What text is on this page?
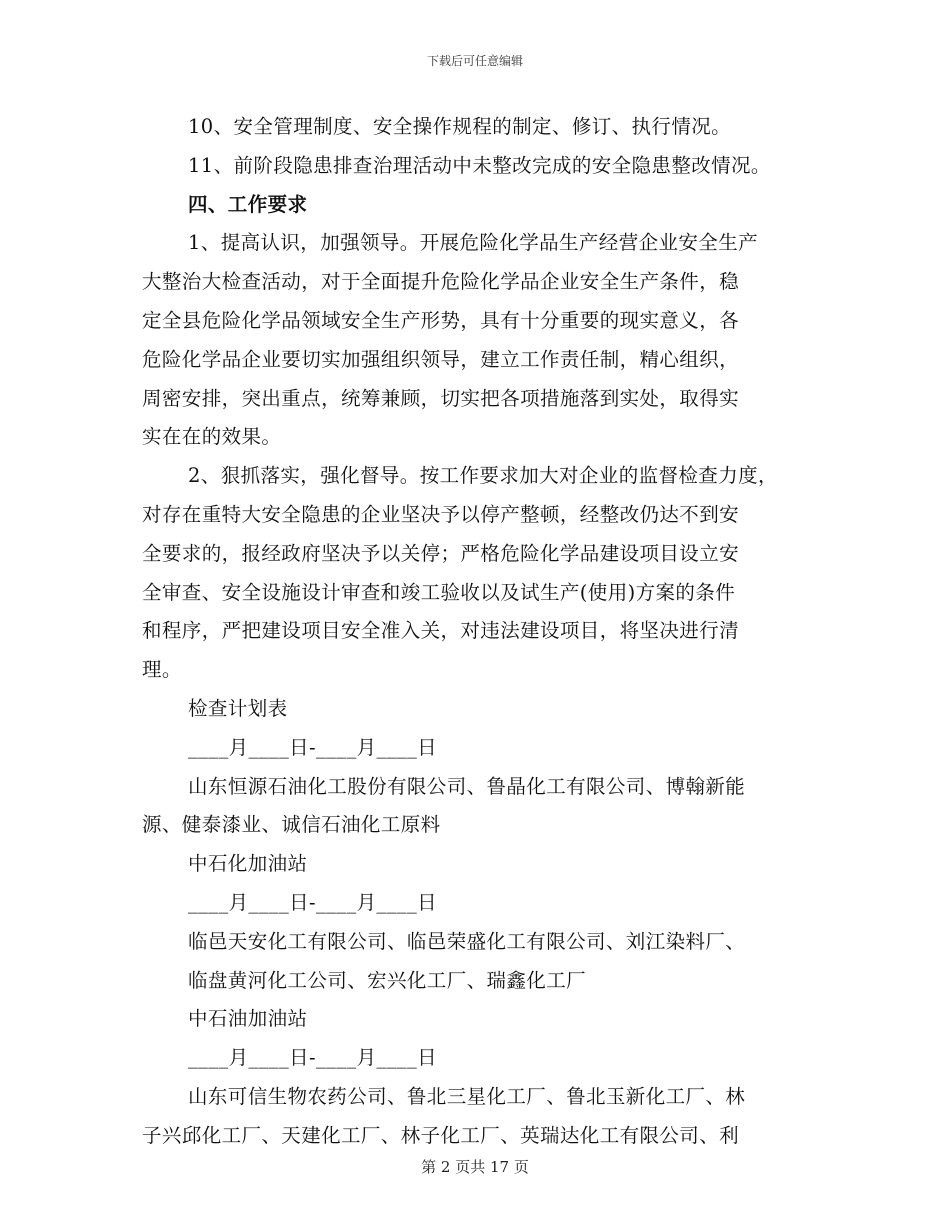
下载后可任意编辑
10、安全管理制度、安全操作规程的制定、修订、执行情况。
11、前阶段隐患排查治理活动中未整改完成的安全隐患整改情况。
四、工作要求
1、提高认识，加强领导。开展危险化学品生产经营企业安全生产
大整治大检查活动，对于全面提升危险化学品企业安全生产条件，稳
定全县危险化学品领域安全生产形势，具有十分重要的现实意义，各
危险化学品企业要切实加强组织领导，建立工作责任制，精心组织，
周密安排，突出重点，统筹兼顾，切实把各项措施落到实处，取得实
实在在的效果。
2、狠抓落实，强化督导。按工作要求加大对企业的监督检查力度，
对存在重特大安全隐患的企业坚决予以停产整顿，经整改仍达不到安
全要求的，报经政府坚决予以关停；严格危险化学品建设项目设立安
全审查、安全设施设计审查和竣工验收以及试生产(使用)方案的条件
和程序，严把建设项目安全准入关，对违法建设项目，将坚决进行清
理。
检查计划表
____月____日-____月____日
山东恒源石油化工股份有限公司、鲁晶化工有限公司、博翰新能
源、健泰漆业、诚信石油化工原料
中石化加油站
____月____日-____月____日
临邑天安化工有限公司、临邑荣盛化工有限公司、刘江染料厂、
临盘黄河化工公司、宏兴化工厂、瑞鑫化工厂
中石油加油站
____月____日-____月____日
山东可信生物农药公司、鲁北三星化工厂、鲁北玉新化工厂、林
子兴邱化工厂、天建化工厂、林子化工厂、英瑞达化工有限公司、利
第 2 页共 17 页
